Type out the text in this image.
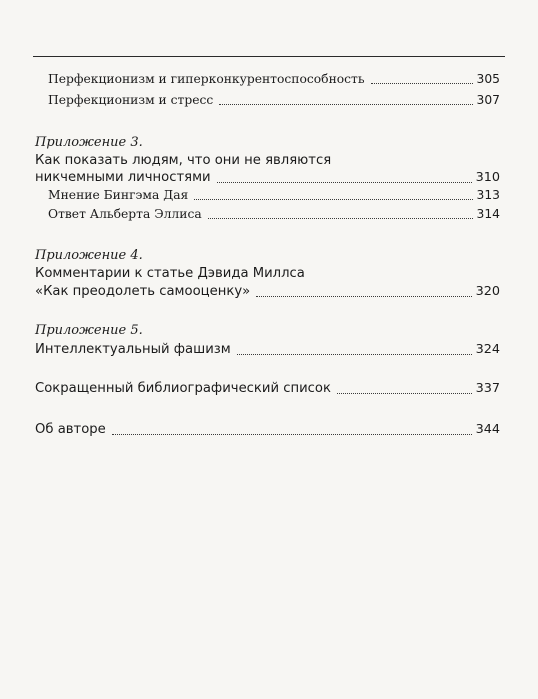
Перфекционизм и гиперконкурентоспособность	305
Перфекционизм и стресс	307
Приложение 3.
Как показать людям, что они не являются
никчемными личностями	310
Мнение Бингэма Дая	313
Ответ Альберта Эллиса	314
Приложение 4.
Комментарии к статье Дэвида Миллса
«Как преодолеть самооценку»	320
Приложение 5.
Интеллектуальный фашизм	324
Сокращенный библиографический список	337
Об авторе	344
